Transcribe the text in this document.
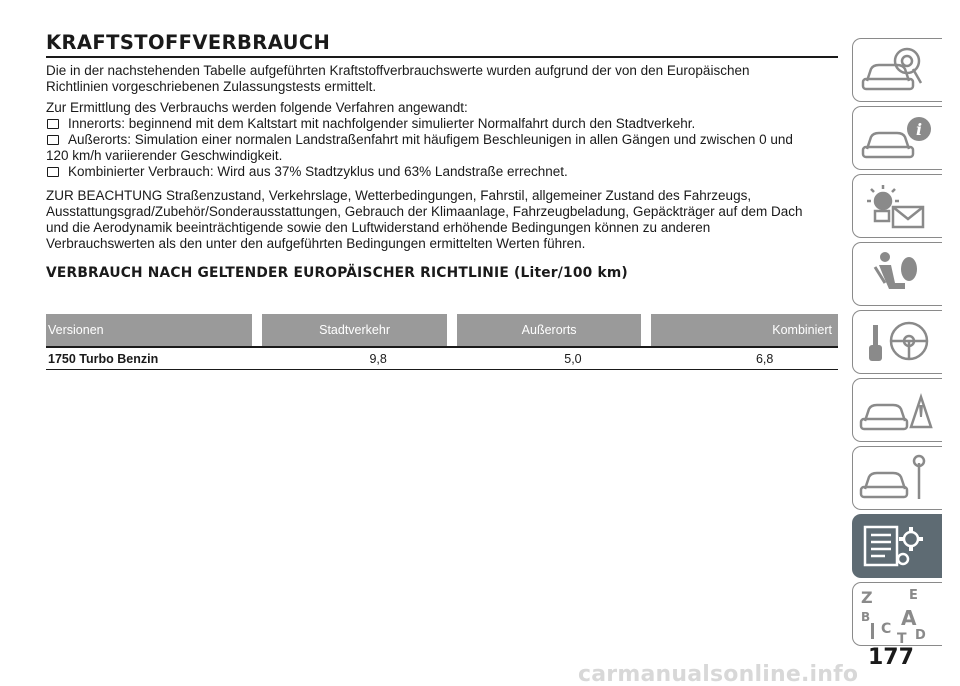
KRAFTSTOFFVERBRAUCH
Die in der nachstehenden Tabelle aufgeführten Kraftstoffverbrauchswerte wurden aufgrund der von den Europäischen
Richtlinien vorgeschriebenen Zulassungstests ermittelt.
Zur Ermittlung des Verbrauchs werden folgende Verfahren angewandt:
Innerorts: beginnend mit dem Kaltstart mit nachfolgender simulierter Normalfahrt durch den Stadtverkehr.
Außerorts: Simulation einer normalen Landstraßenfahrt mit häufigem Beschleunigen in allen Gängen und zwischen 0 und
120 km/h variierender Geschwindigkeit.
Kombinierter Verbrauch: Wird aus 37% Stadtzyklus und 63% Landstraße errechnet.
ZUR BEACHTUNG Straßenzustand, Verkehrslage, Wetterbedingungen, Fahrstil, allgemeiner Zustand des Fahrzeugs,
Ausstattungsgrad/Zubehör/Sonderausstattungen, Gebrauch der Klimaanlage, Fahrzeugbeladung, Gepäckträger auf dem Dach
und die Aerodynamik beeinträchtigende sowie den Luftwiderstand erhöhende Bedingungen können zu anderen
Verbrauchswerten als den unter den aufgeführten Bedingungen ermittelten Werten führen.
VERBRAUCH NACH GELTENDER EUROPÄISCHER RICHTLINIE (Liter/100 km)
Versionen	Stadtverkehr	Außerorts	Kombiniert
1750 Turbo Benzin	9,8	5,0	6,8
i
Z	E
B A
C
T D
177
carmanualsonline.info
